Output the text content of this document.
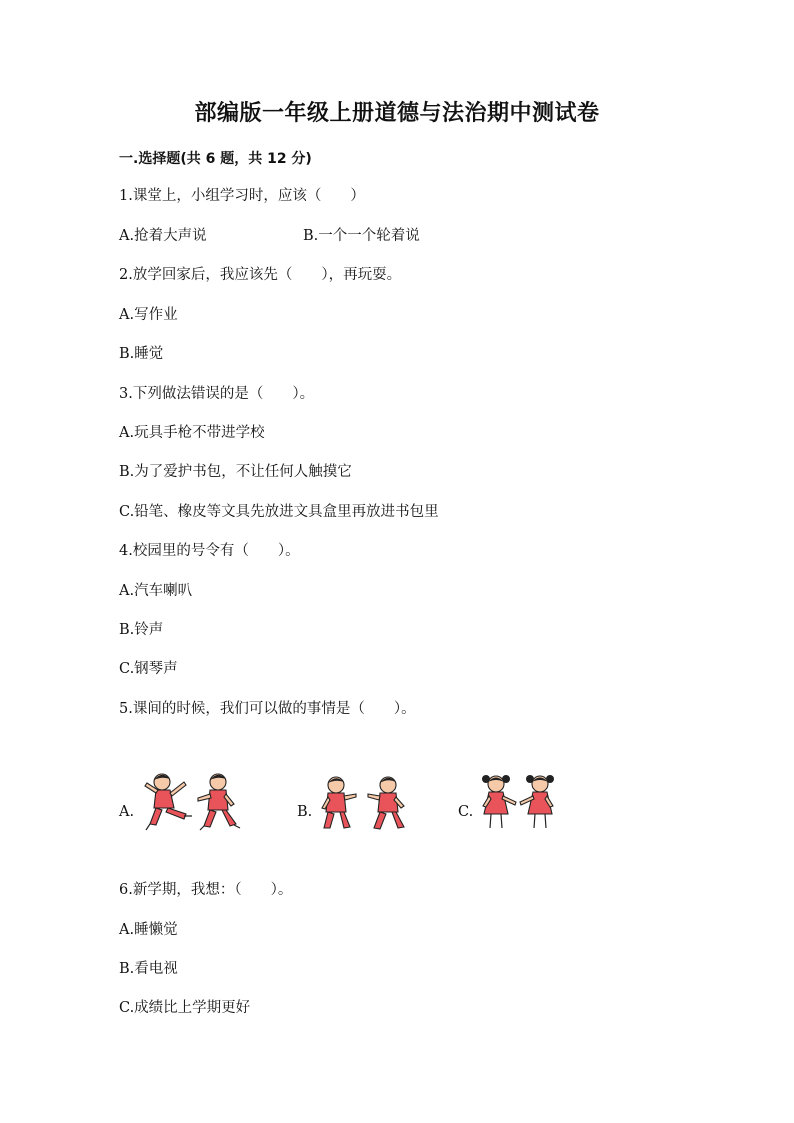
部编版一年级上册道德与法治期中测试卷
一.选择题(共 6 题，共 12 分)
1.课堂上，小组学习时，应该（　　）
A.抢着大声说	B.一个一个轮着说
2.放学回家后，我应该先（　　），再玩耍。
A.写作业
B.睡觉
3.下列做法错误的是（　　）。
A.玩具手枪不带进学校
B.为了爱护书包，不让任何人触摸它
C.铅笔、橡皮等文具先放进文具盒里再放进书包里
4.校园里的号令有（　　）。
A.汽车喇叭
B.铃声
C.钢琴声
5.课间的时候，我们可以做的事情是（　　）。
A.	B.	C.
6.新学期，我想：（　　）。
A.睡懒觉
B.看电视
C.成绩比上学期更好
